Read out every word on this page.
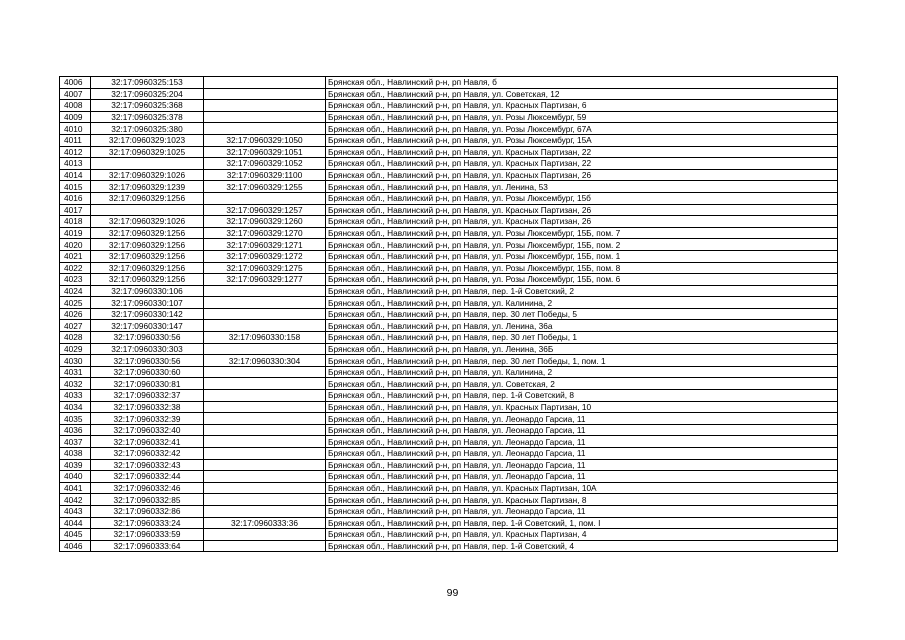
4006	32:17:0960325:153		Брянская обл., Навлинский р-н, рп Навля, б
4007	32:17:0960325:204		Брянская обл., Навлинский р-н, рп Навля, ул. Советская, 12
4008	32:17:0960325:368		Брянская обл., Навлинский р-н, рп Навля, ул. Красных Партизан, 6
4009	32:17:0960325:378		Брянская обл., Навлинский р-н, рп Навля, ул. Розы Люксембург, 59
4010	32:17:0960325:380		Брянская обл., Навлинский р-н, рп Навля, ул. Розы Люксембург, 67А
4011	32:17:0960329:1023	32:17:0960329:1050	Брянская обл., Навлинский р-н, рп Навля, ул. Розы Люксембург, 15А
4012	32:17:0960329:1025	32:17:0960329:1051	Брянская обл., Навлинский р-н, рп Навля, ул. Красных Партизан, 22
4013		32:17:0960329:1052	Брянская обл., Навлинский р-н, рп Навля, ул. Красных Партизан, 22
4014	32:17:0960329:1026	32:17:0960329:1100	Брянская обл., Навлинский р-н, рп Навля, ул. Красных Партизан, 26
4015	32:17:0960329:1239	32:17:0960329:1255	Брянская обл., Навлинский р-н, рп Навля, ул. Ленина, 53
4016	32:17:0960329:1256		Брянская обл., Навлинский р-н, рп Навля, ул. Розы Люксембург, 15б
4017		32:17:0960329:1257	Брянская обл., Навлинский р-н, рп Навля, ул. Красных Партизан, 26
4018	32:17:0960329:1026	32:17:0960329:1260	Брянская обл., Навлинский р-н, рп Навля, ул. Красных Партизан, 26
4019	32:17:0960329:1256	32:17:0960329:1270	Брянская обл., Навлинский р-н, рп Навля, ул. Розы Люксембург, 15Б, пом. 7
4020	32:17:0960329:1256	32:17:0960329:1271	Брянская обл., Навлинский р-н, рп Навля, ул. Розы Люксембург, 15Б, пом. 2
4021	32:17:0960329:1256	32:17:0960329:1272	Брянская обл., Навлинский р-н, рп Навля, ул. Розы Люксембург, 15Б, пом. 1
4022	32:17:0960329:1256	32:17:0960329:1275	Брянская обл., Навлинский р-н, рп Навля, ул. Розы Люксембург, 15Б, пом. 8
4023	32:17:0960329:1256	32:17:0960329:1277	Брянская обл., Навлинский р-н, рп Навля, ул. Розы Люксембург, 15Б, пом. 6
4024	32:17:0960330:106		Брянская обл., Навлинский р-н, рп Навля, пер. 1-й Советский, 2
4025	32:17:0960330:107		Брянская обл., Навлинский р-н, рп Навля, ул. Калинина, 2
4026	32:17:0960330:142		Брянская обл., Навлинский р-н, рп Навля, пер. 30 лет Победы, 5
4027	32:17:0960330:147		Брянская обл., Навлинский р-н, рп Навля, ул. Ленина, 36а
4028	32:17:0960330:56	32:17:0960330:158	Брянская обл., Навлинский р-н, рп Навля, пер. 30 лет Победы, 1
4029	32:17:0960330:303		Брянская обл., Навлинский р-н, рп Навля, ул. Ленина, 36Б
4030	32:17:0960330:56	32:17:0960330:304	Брянская обл., Навлинский р-н, рп Навля, пер. 30 лет Победы, 1, пом. 1
4031	32:17:0960330:60		Брянская обл., Навлинский р-н, рп Навля, ул. Калинина, 2
4032	32:17:0960330:81		Брянская обл., Навлинский р-н, рп Навля, ул. Советская, 2
4033	32:17:0960332:37		Брянская обл., Навлинский р-н, рп Навля, пер. 1-й Советский, 8
4034	32:17:0960332:38		Брянская обл., Навлинский р-н, рп Навля, ул. Красных Партизан, 10
4035	32:17:0960332:39		Брянская обл., Навлинский р-н, рп Навля, ул. Леонардо Гарсиа, 11
4036	32:17:0960332:40		Брянская обл., Навлинский р-н, рп Навля, ул. Леонардо Гарсиа, 11
4037	32:17:0960332:41		Брянская обл., Навлинский р-н, рп Навля, ул. Леонардо Гарсиа, 11
4038	32:17:0960332:42		Брянская обл., Навлинский р-н, рп Навля, ул. Леонардо Гарсиа, 11
4039	32:17:0960332:43		Брянская обл., Навлинский р-н, рп Навля, ул. Леонардо Гарсиа, 11
4040	32:17:0960332:44		Брянская обл., Навлинский р-н, рп Навля, ул. Леонардо Гарсиа, 11
4041	32:17:0960332:46		Брянская обл., Навлинский р-н, рп Навля, ул. Красных Партизан, 10А
4042	32:17:0960332:85		Брянская обл., Навлинский р-н, рп Навля, ул. Красных Партизан, 8
4043	32:17:0960332:86		Брянская обл., Навлинский р-н, рп Навля, ул. Леонардо Гарсиа, 11
4044	32:17:0960333:24	32:17:0960333:36	Брянская обл., Навлинский р-н, рп Навля, пер. 1-й Советский, 1, пом. I
4045	32:17:0960333:59		Брянская обл., Навлинский р-н, рп Навля, ул. Красных Партизан, 4
4046	32:17:0960333:64		Брянская обл., Навлинский р-н, рп Навля, пер. 1-й Советский, 4
99
